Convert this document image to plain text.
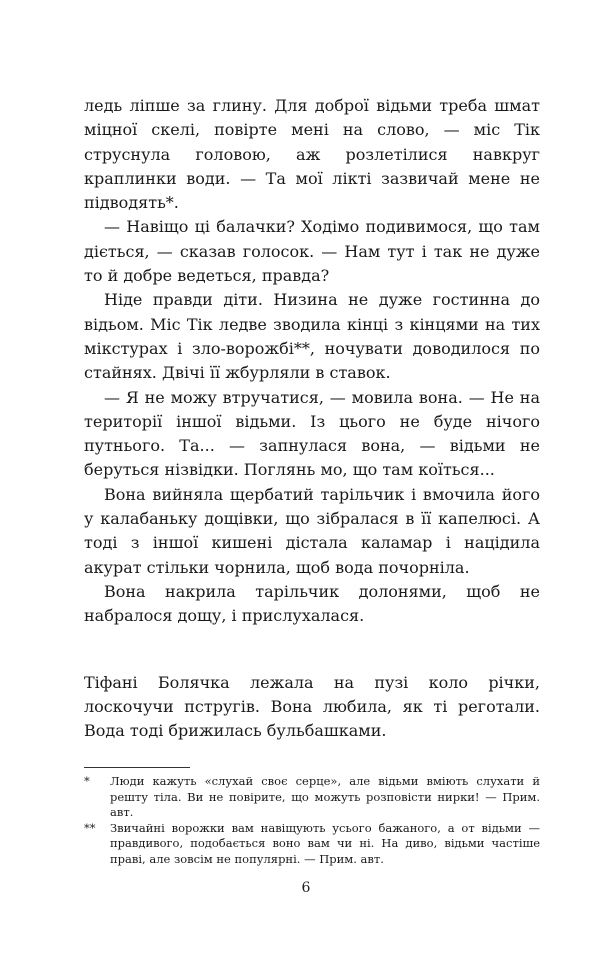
ледь ліпше за глину. Для доброї відьми треба шмат міцної скелі, повірте мені на слово, — міс Тік струснула головою, аж розлетілися навкруг краплинки води. — Та мої лікті зазвичай мене не підводять*.

— Навіщо ці балачки? Ходімо подивимося, що там діється, — сказав голосок. — Нам тут і так не дуже то й добре ведеться, правда?

Ніде правди діти. Низина не дуже гостинна до відьом. Міс Тік ледве зводила кінці з кінцями на тих мікстурах і зло-ворожбі**, ночувати доводилося по стайнях. Двічі її жбурляли в ставок.

— Я не можу втручатися, — мовила вона. — Не на території іншої відьми. Із цього не буде нічого путнього. Та... — запнулася вона, — відьми не беруться нізвідки. Поглянь мо, що там коїться...

Вона вийняла щербатий тарільчик і вмочила його у калабаньку дощівки, що зібралася в її капелюсі. А тоді з іншої кишені дістала каламар і націдила акурат стільки чорнила, щоб вода почорніла.

Вона накрила тарільчик долонями, щоб не набралося дощу, і прислухалася.

Тіфані Болячка лежала на пузі коло річки, лоскочучи пстругів. Вона любила, як ті реготали. Вода тоді брижилась бульбашками.

*	Люди кажуть «слухай своє серце», але відьми вміють слухати й решту тіла. Ви не повірите, що можуть розповісти нирки! — Прим. авт.

**	Звичайні ворожки вам навіщують усього бажаного, а от відьми — правдивого, подобається воно вам чи ні. На диво, відьми частіше праві, але зовсім не популярні. — Прим. авт.

6
